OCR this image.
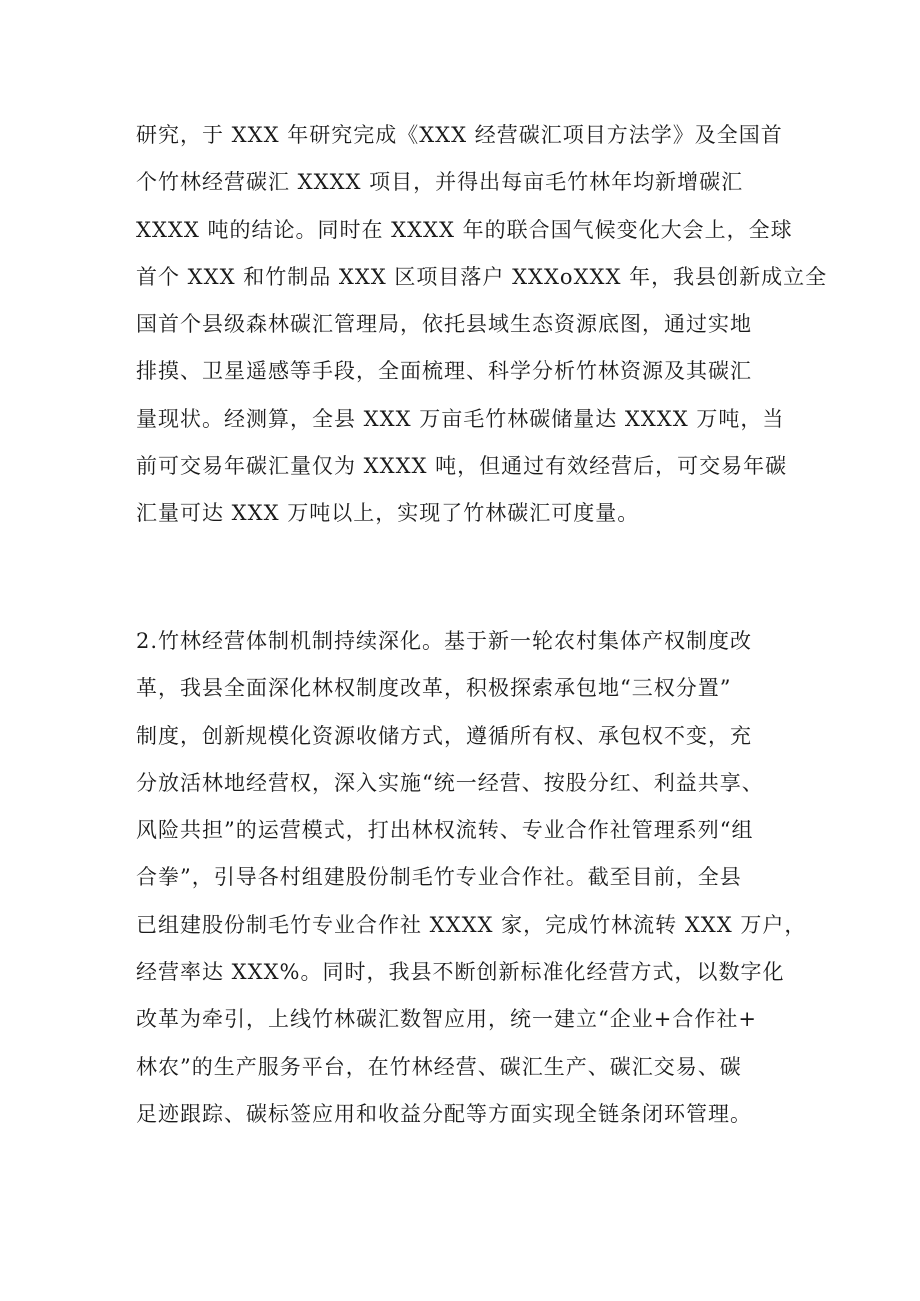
研究，于 XXX 年研究完成《XXX 经营碳汇项目方法学》及全国首
个竹林经营碳汇 XXXX 项目，并得出每亩毛竹林年均新增碳汇
XXXX 吨的结论。同时在 XXXX 年的联合国气候变化大会上，全球
首个 XXX 和竹制品 XXX 区项目落户 XXXoXXX 年，我县创新成立全
国首个县级森林碳汇管理局，依托县域生态资源底图，通过实地
排摸、卫星遥感等手段，全面梳理、科学分析竹林资源及其碳汇
量现状。经测算，全县 XXX 万亩毛竹林碳储量达 XXXX 万吨，当
前可交易年碳汇量仅为 XXXX 吨，但通过有效经营后，可交易年碳
汇量可达 XXX 万吨以上，实现了竹林碳汇可度量。
2.竹林经营体制机制持续深化。基于新一轮农村集体产权制度改
革，我县全面深化林权制度改革，积极探索承包地“三权分置”
制度，创新规模化资源收储方式，遵循所有权、承包权不变，充
分放活林地经营权，深入实施“统一经营、按股分红、利益共享、
风险共担”的运营模式，打出林权流转、专业合作社管理系列“组
合拳”，引导各村组建股份制毛竹专业合作社。截至目前，全县
已组建股份制毛竹专业合作社 XXXX 家，完成竹林流转 XXX 万户，
经营率达 XXX%。同时，我县不断创新标准化经营方式，以数字化
改革为牵引，上线竹林碳汇数智应用，统一建立“企业+合作社+
林农”的生产服务平台，在竹林经营、碳汇生产、碳汇交易、碳
足迹跟踪、碳标签应用和收益分配等方面实现全链条闭环管理。
